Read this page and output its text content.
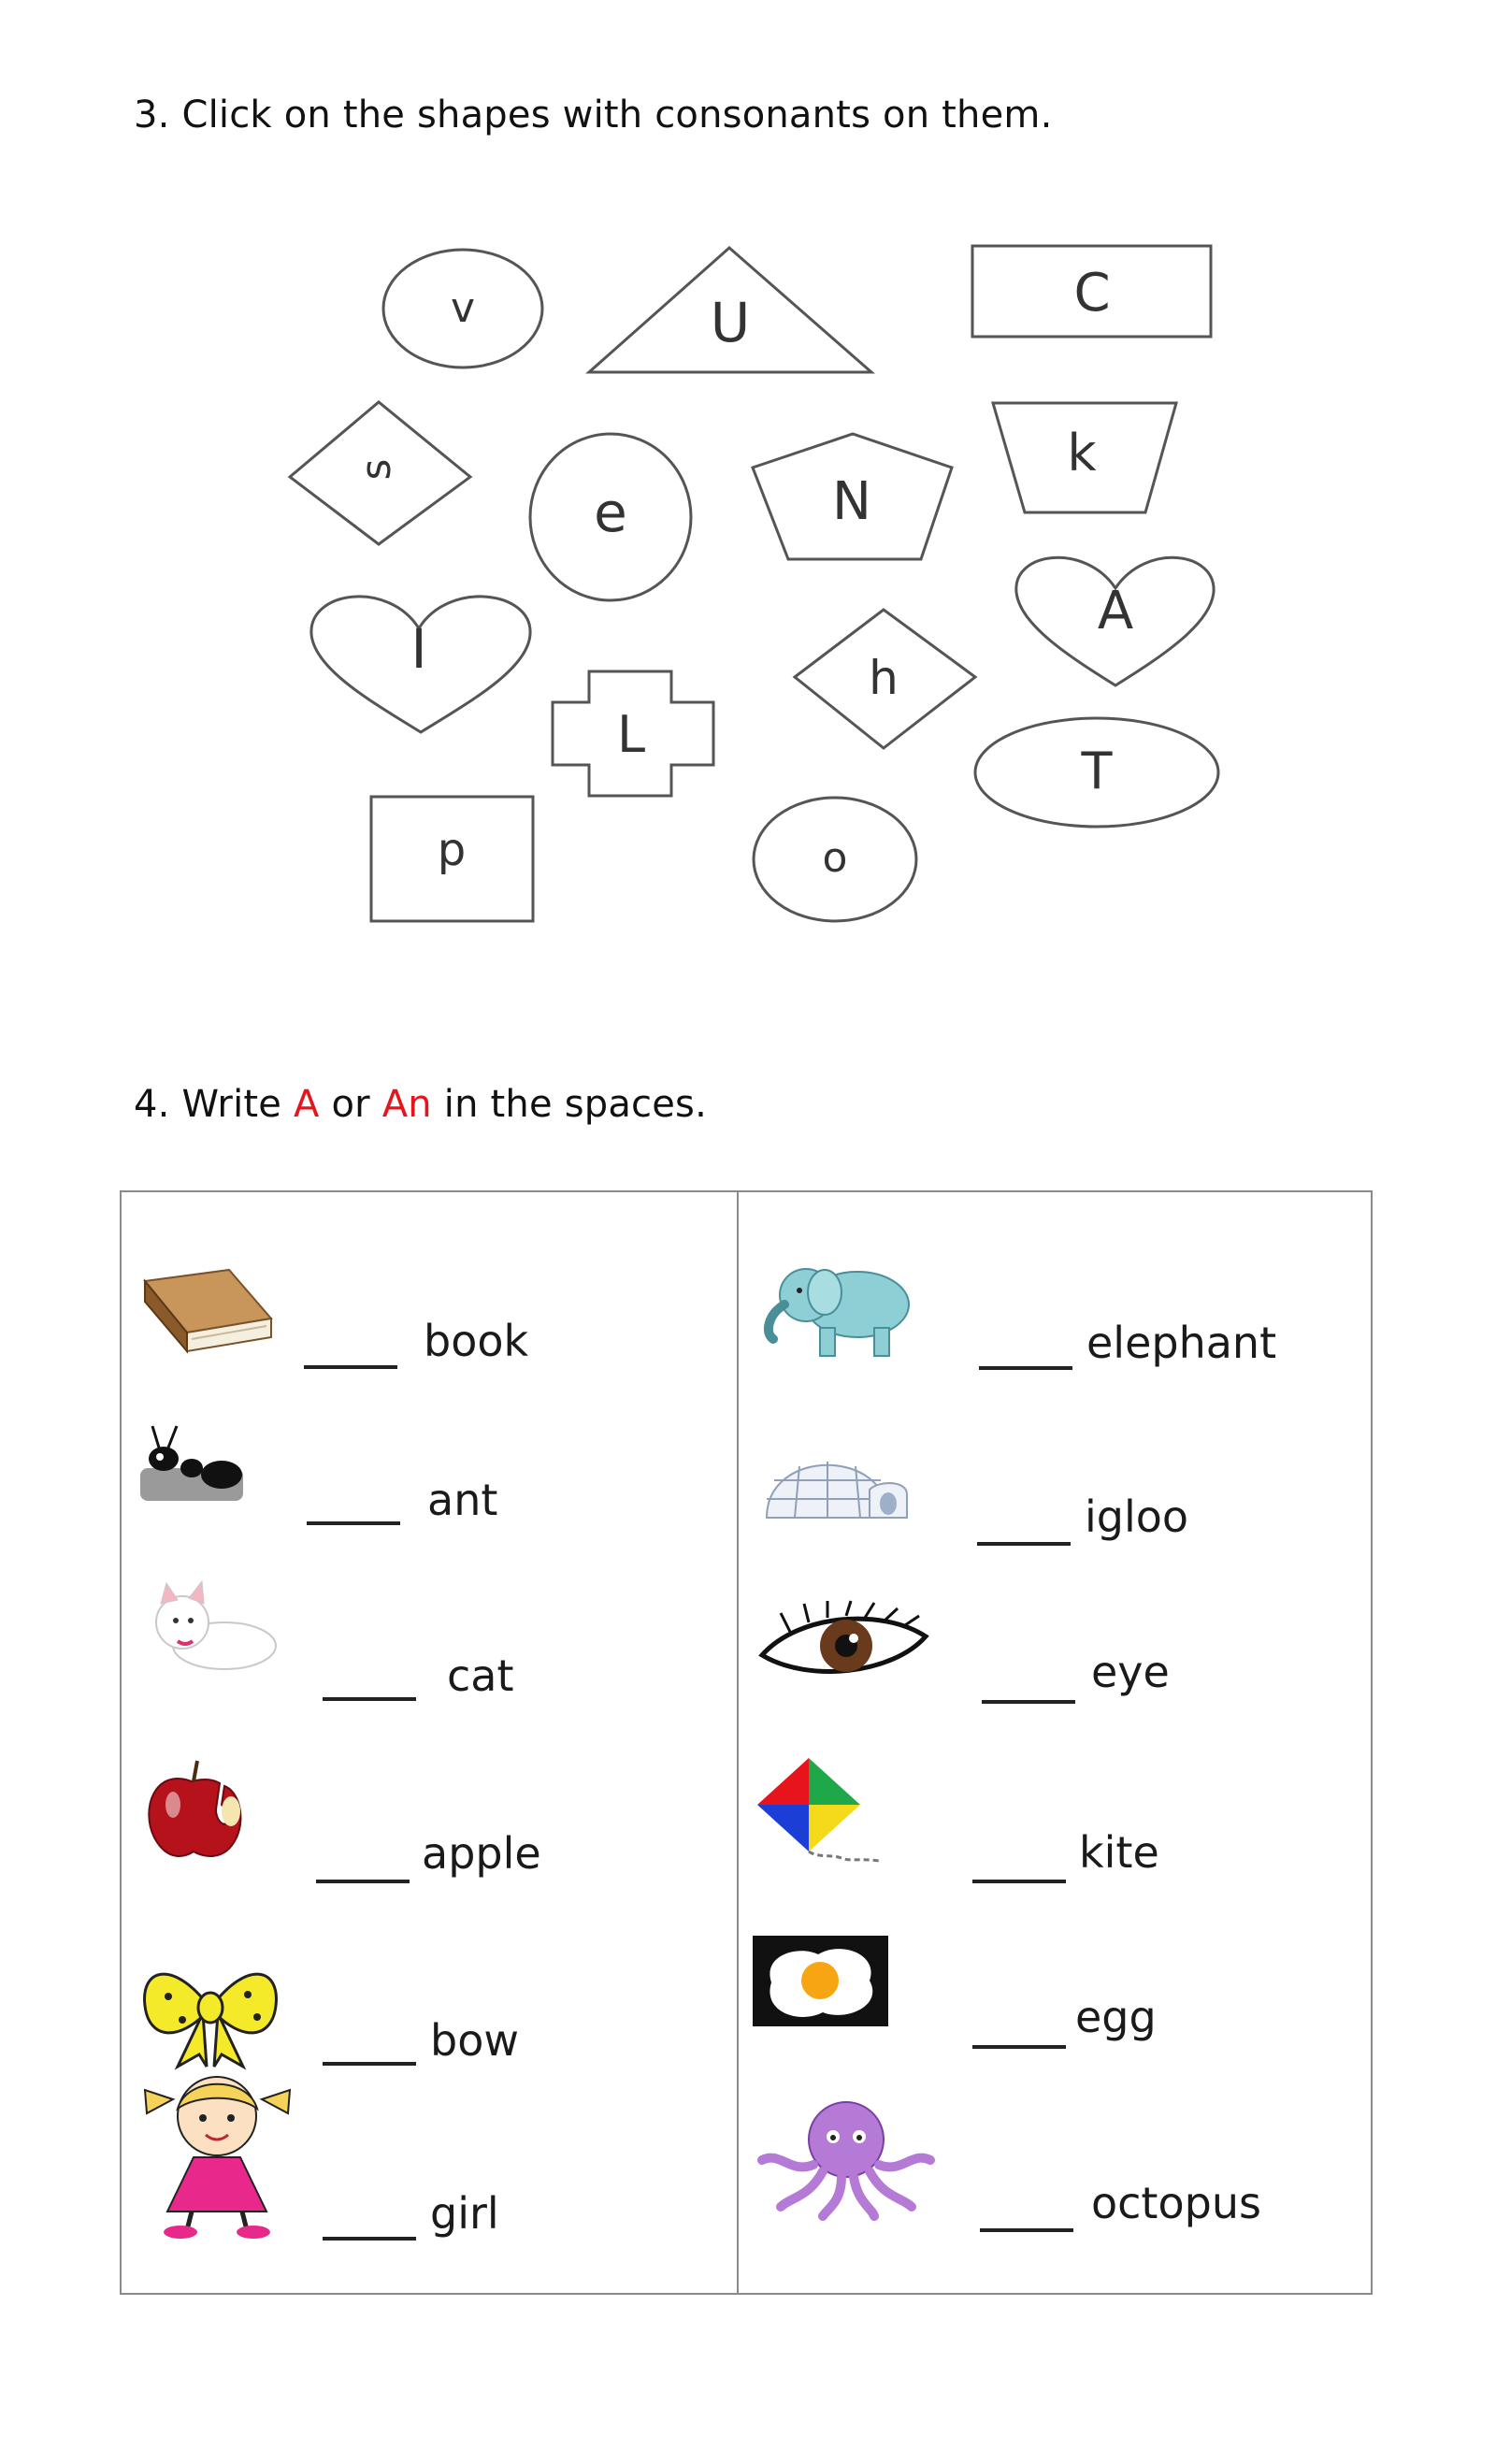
3. Click on the shapes with consonants on them.
v	U	C
s
e	N
k
I
A
h
L
T
p	o
4. Write A or An in the spaces.
book
ant
cat
apple
bow
girl
elephant
igloo
eye
kite
egg
octopus
